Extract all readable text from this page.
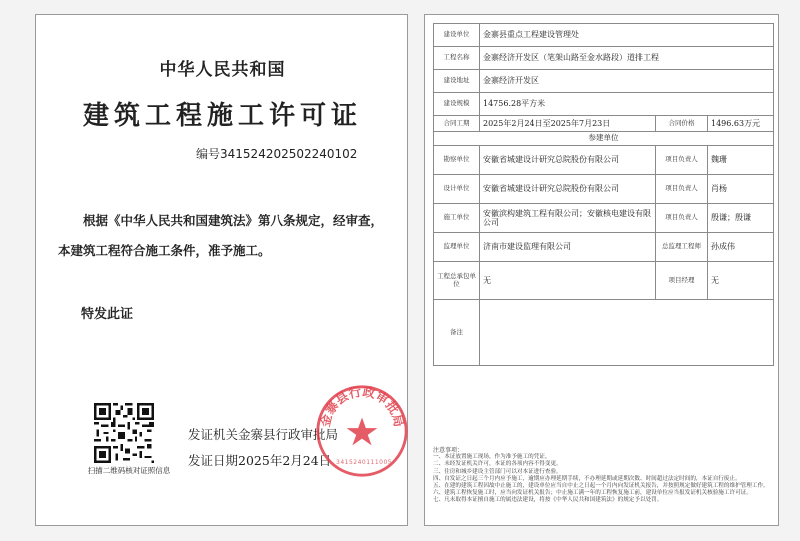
中华人民共和国
建筑工程施工许可证
编号341524202502240102
根据《中华人民共和国建筑法》第八条规定，经审查，本建筑工程符合施工条件，准予施工。
特发此证
扫描二维码核对证照信息
发证机关金寨县行政审批局
发证日期2025年2月24日
金寨县行政审批局
3415240111005
建设单位	金寨县重点工程建设管理处		
工程名称	金寨经济开发区（笔架山路至金水路段）道排工程		
建设地址	金寨经济开发区		
建设规模	14756.28平方米		
合同工期	2025年2月24日至2025年7月23日	合同价格	1496.63万元
参建单位			
勘察单位	安徽省城建设计研究总院股份有限公司	项目负责人	魏珊
设计单位	安徽省城建设计研究总院股份有限公司	项目负责人	肖杨
施工单位	安徽滨构建筑工程有限公司；安徽核电建设有限公司	项目负责人	殷谦；殷谦
监理单位	济南市建设监理有限公司	总监理工程师	孙成伟
工程总承包单位	无	项目经理	无
备注			
注意事项：
一、本证放置施工现场，作为准予施工的凭证。
二、未经发证机关许可，本证的各项内容不得变更。
三、住房和城乡建设主管部门可以对本证进行查验。
四、自发证之日起三个月内应予施工，逾期应办理延期手续，不办理延期或延期次数、时间超过法定时间的，本证自行废止。
五、在建的建筑工程因故中止施工的，建设单位应当自中止之日起一个月内向发证机关报告，并按照规定做好建筑工程的维护管理工作。
六、建筑工程恢复施工时，应当向发证机关报告；中止施工满一年的工程恢复施工前，建设单位应当报发证机关核验施工许可证。
七、凡未取得本证擅自施工的属违法建设，将按《中华人民共和国建筑法》的规定予以处罚。
